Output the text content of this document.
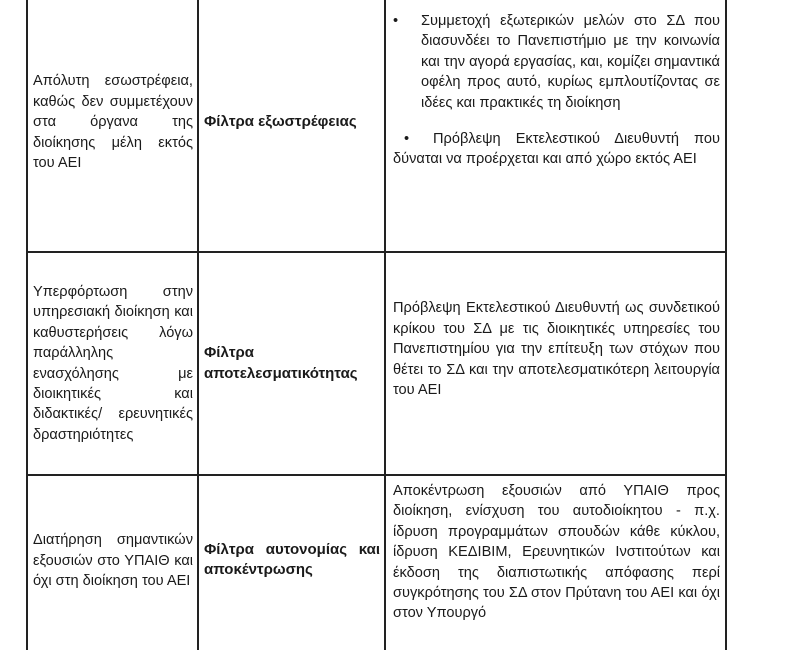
Απόλυτη εσωστρέφεια, καθώς δεν συμμετέχουν στα όργανα της διοίκησης μέλη εκτός του ΑΕΙ	Φίλτρα εξωστρέφειας	• Συμμετοχή εξωτερικών μελών στο ΣΔ που διασυνδέει το Πανεπιστήμιο με την κοινωνία και την αγορά εργασίας, και, κομίζει σημαντικά οφέλη προς αυτό, κυρίως εμπλουτίζοντας σε ιδέες και πρακτικές τη διοίκηση
• Πρόβλεψη Εκτελεστικού Διευθυντή που δύναται να προέρχεται και από χώρο εκτός ΑΕΙ

Υπερφόρτωση στην υπηρεσιακή διοίκηση και καθυστερήσεις λόγω παράλληλης ενασχόλησης με διοικητικές και διδακτικές/ ερευνητικές δραστηριότητες	Φίλτρα αποτελεσματικότητας	Πρόβλεψη Εκτελεστικού Διευθυντή ως συνδετικού κρίκου του ΣΔ με τις διοικητικές υπηρεσίες του Πανεπιστημίου για την επίτευξη των στόχων που θέτει το ΣΔ και την αποτελεσματικότερη λειτουργία του ΑΕΙ

Διατήρηση σημαντικών εξουσιών στο ΥΠΑΙΘ και όχι στη διοίκηση του ΑΕΙ	Φίλτρα αυτονομίας και αποκέντρωσης	Αποκέντρωση εξουσιών από ΥΠΑΙΘ προς διοίκηση, ενίσχυση του αυτοδιοίκητου - π.χ. ίδρυση προγραμμάτων σπουδών κάθε κύκλου, ίδρυση ΚΕΔΙΒΙΜ, Ερευνητικών Ινστιτούτων και έκδοση της διαπιστωτικής απόφασης περί συγκρότησης του ΣΔ στον Πρύτανη του ΑΕΙ και όχι στον Υπουργό
